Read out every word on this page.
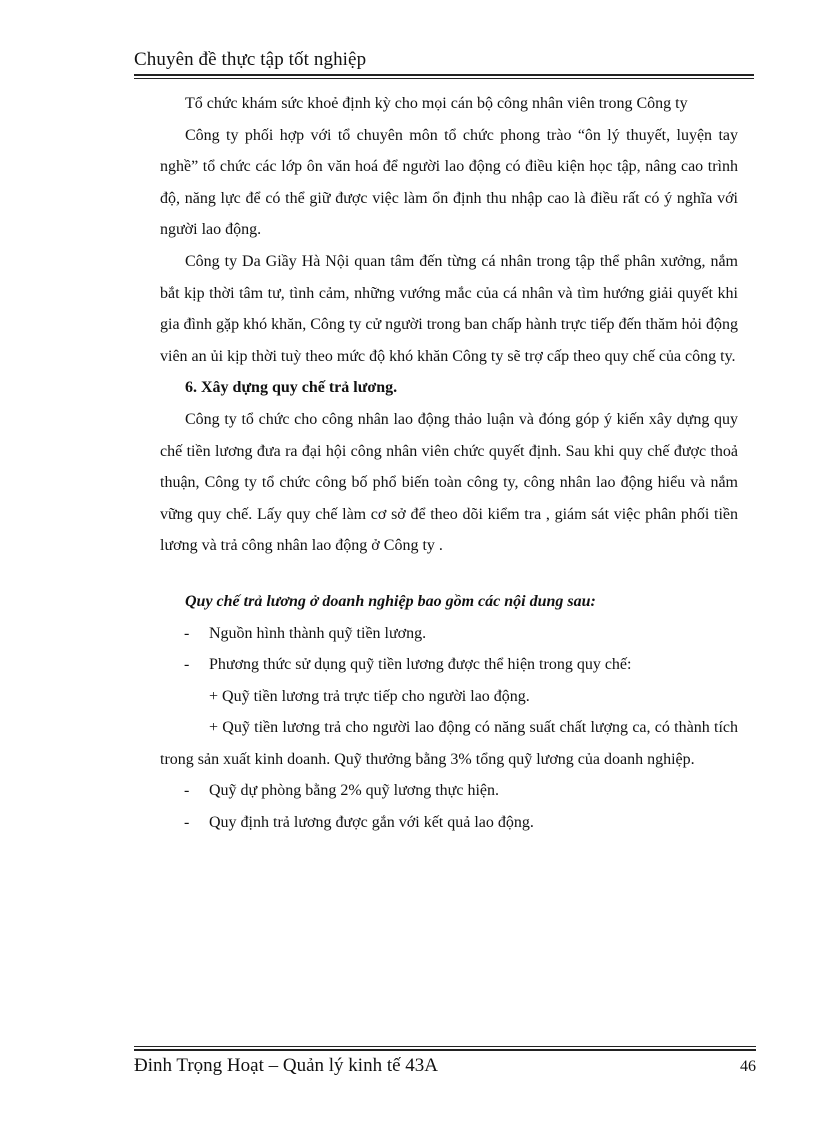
Chuyên đề thực tập tốt nghiệp

Tổ chức khám sức khoẻ định kỳ cho mọi cán bộ công nhân viên trong Công ty

Công ty phối hợp với tổ chuyên môn tổ chức phong trào “ôn lý thuyết, luyện tay nghề” tổ chức các lớp ôn văn hoá để người lao động có điều kiện học tập, nâng cao trình độ, năng lực để có thể giữ được việc làm ổn định thu nhập cao là điều rất có ý nghĩa với người lao động.

Công ty Da Giầy Hà Nội quan tâm đến từng cá nhân trong tập thể phân xưởng, nắm bắt kịp thời tâm tư, tình cảm, những vướng mắc của cá nhân và tìm hướng giải quyết khi gia đình gặp khó khăn, Công ty cử người trong ban chấp hành trực tiếp đến thăm hỏi động viên an ủi kịp thời tuỳ theo mức độ khó khăn Công ty sẽ trợ cấp theo quy chế của công ty.

6. Xây dựng quy chế trả lương.

Công ty tổ chức cho công nhân lao động thảo luận và đóng góp ý kiến xây dựng quy chế tiền lương đưa ra đại hội công nhân viên chức quyết định. Sau khi quy chế được thoả thuận, Công ty tổ chức công bố phổ biến toàn công ty, công nhân lao động hiểu và nắm vững quy chế. Lấy quy chế làm cơ sở để theo dõi kiểm tra , giám sát việc phân phối tiền lương và trả công nhân lao động ở Công ty .

Quy chế trả lương ở doanh nghiệp bao gồm các nội dung sau:

- Nguồn hình thành quỹ tiền lương.

- Phương thức sử dụng quỹ tiền lương được thể hiện trong quy chế:

+ Quỹ tiền lương trả trực tiếp cho người lao động.

+ Quỹ tiền lương trả cho người lao động có năng suất chất lượng ca, có thành tích trong sản xuất kinh doanh. Quỹ thưởng bằng 3% tổng quỹ lương của doanh nghiệp.

- Quỹ dự phòng bằng 2% quỹ lương thực hiện.

- Quy định trả lương được gắn với kết quả lao động.

Đinh Trọng Hoạt – Quản lý kinh tế 43A	46
